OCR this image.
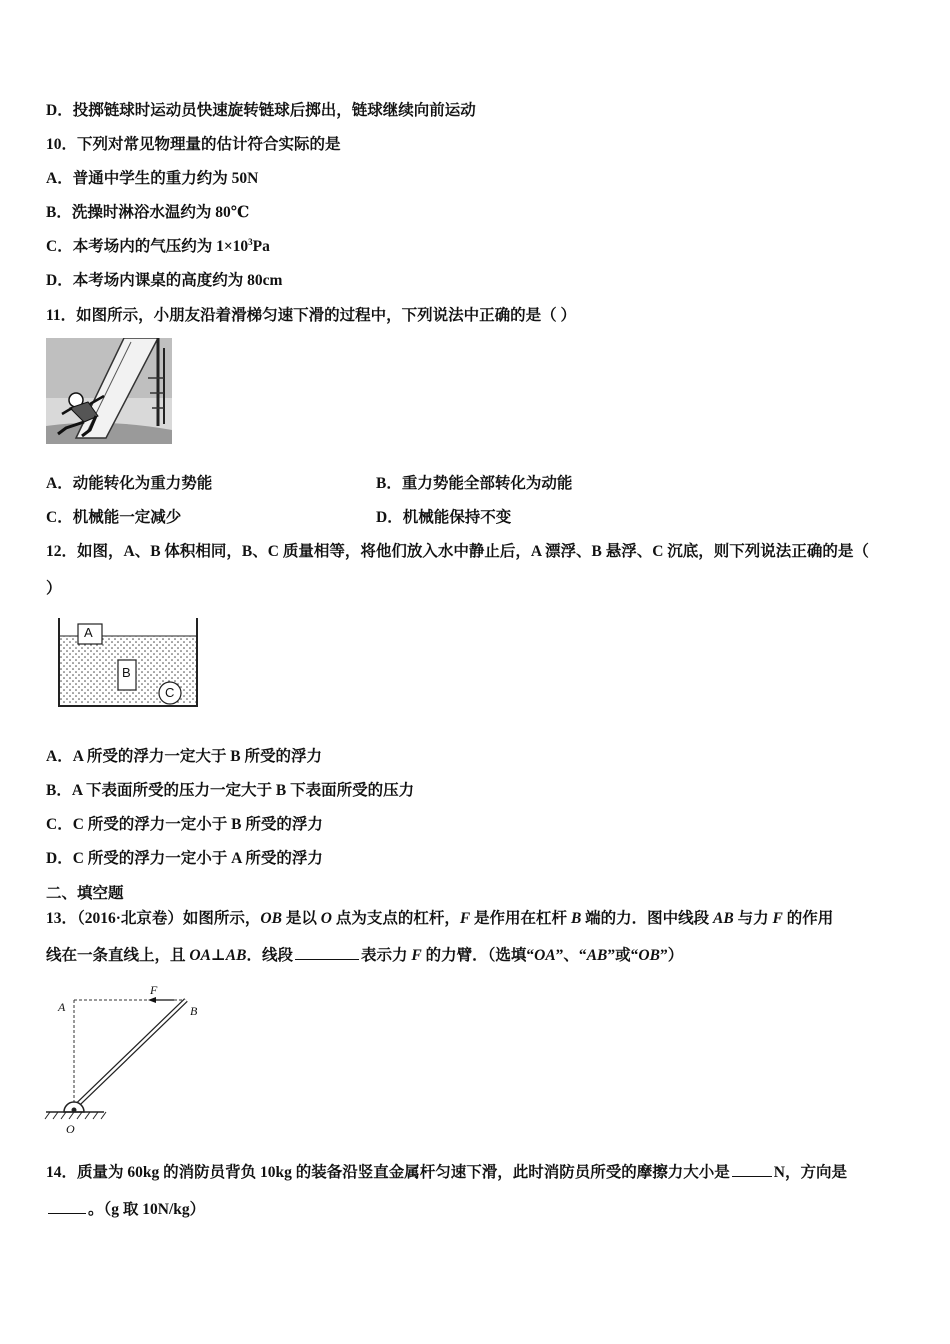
D．投掷链球时运动员快速旋转链球后掷出，链球继续向前运动
10．下列对常见物理量的估计符合实际的是
A．普通中学生的重力约为 50N
B．洗操时淋浴水温约为 80℃
C．本考场内的气压约为 $1\times 10^3Pa$
D．本考场内课桌的高度约为 80cm
11．如图所示，小朋友沿着滑梯匀速下滑的过程中，下列说法中正确的是（ ）
A．动能转化为重力势能	B．重力势能全部转化为动能
C．机械能一定减少	D．机械能保持不变
12．如图，A、B 体积相同，B、C 质量相等，将他们放入水中静止后，A 漂浮、B 悬浮、C 沉底，则下列说法正确的是（
）
A
B
C
A．A 所受的浮力一定大于 B 所受的浮力
B．A 下表面所受的压力一定大于 B 下表面所受的压力
C．C 所受的浮力一定小于 B 所受的浮力
D．C 所受的浮力一定小于 A 所受的浮力
二、填空题
13．（2016·北京卷）如图所示，OB 是以 O 点为支点的杠杆，F 是作用在杠杆 B 端的力．图中线段 AB 与力 F 的作用
线在一条直线上，且 OA⊥AB．线段	表示力 F 的力臂．（选填“OA”、“AB”或“OB”）
A
F
B
O
14．质量为 60kg 的消防员背负 10kg 的装备沿竖直金属杆匀速下滑，此时消防员所受的摩擦力大小是	N，方向是
。（g 取 10N/kg）
